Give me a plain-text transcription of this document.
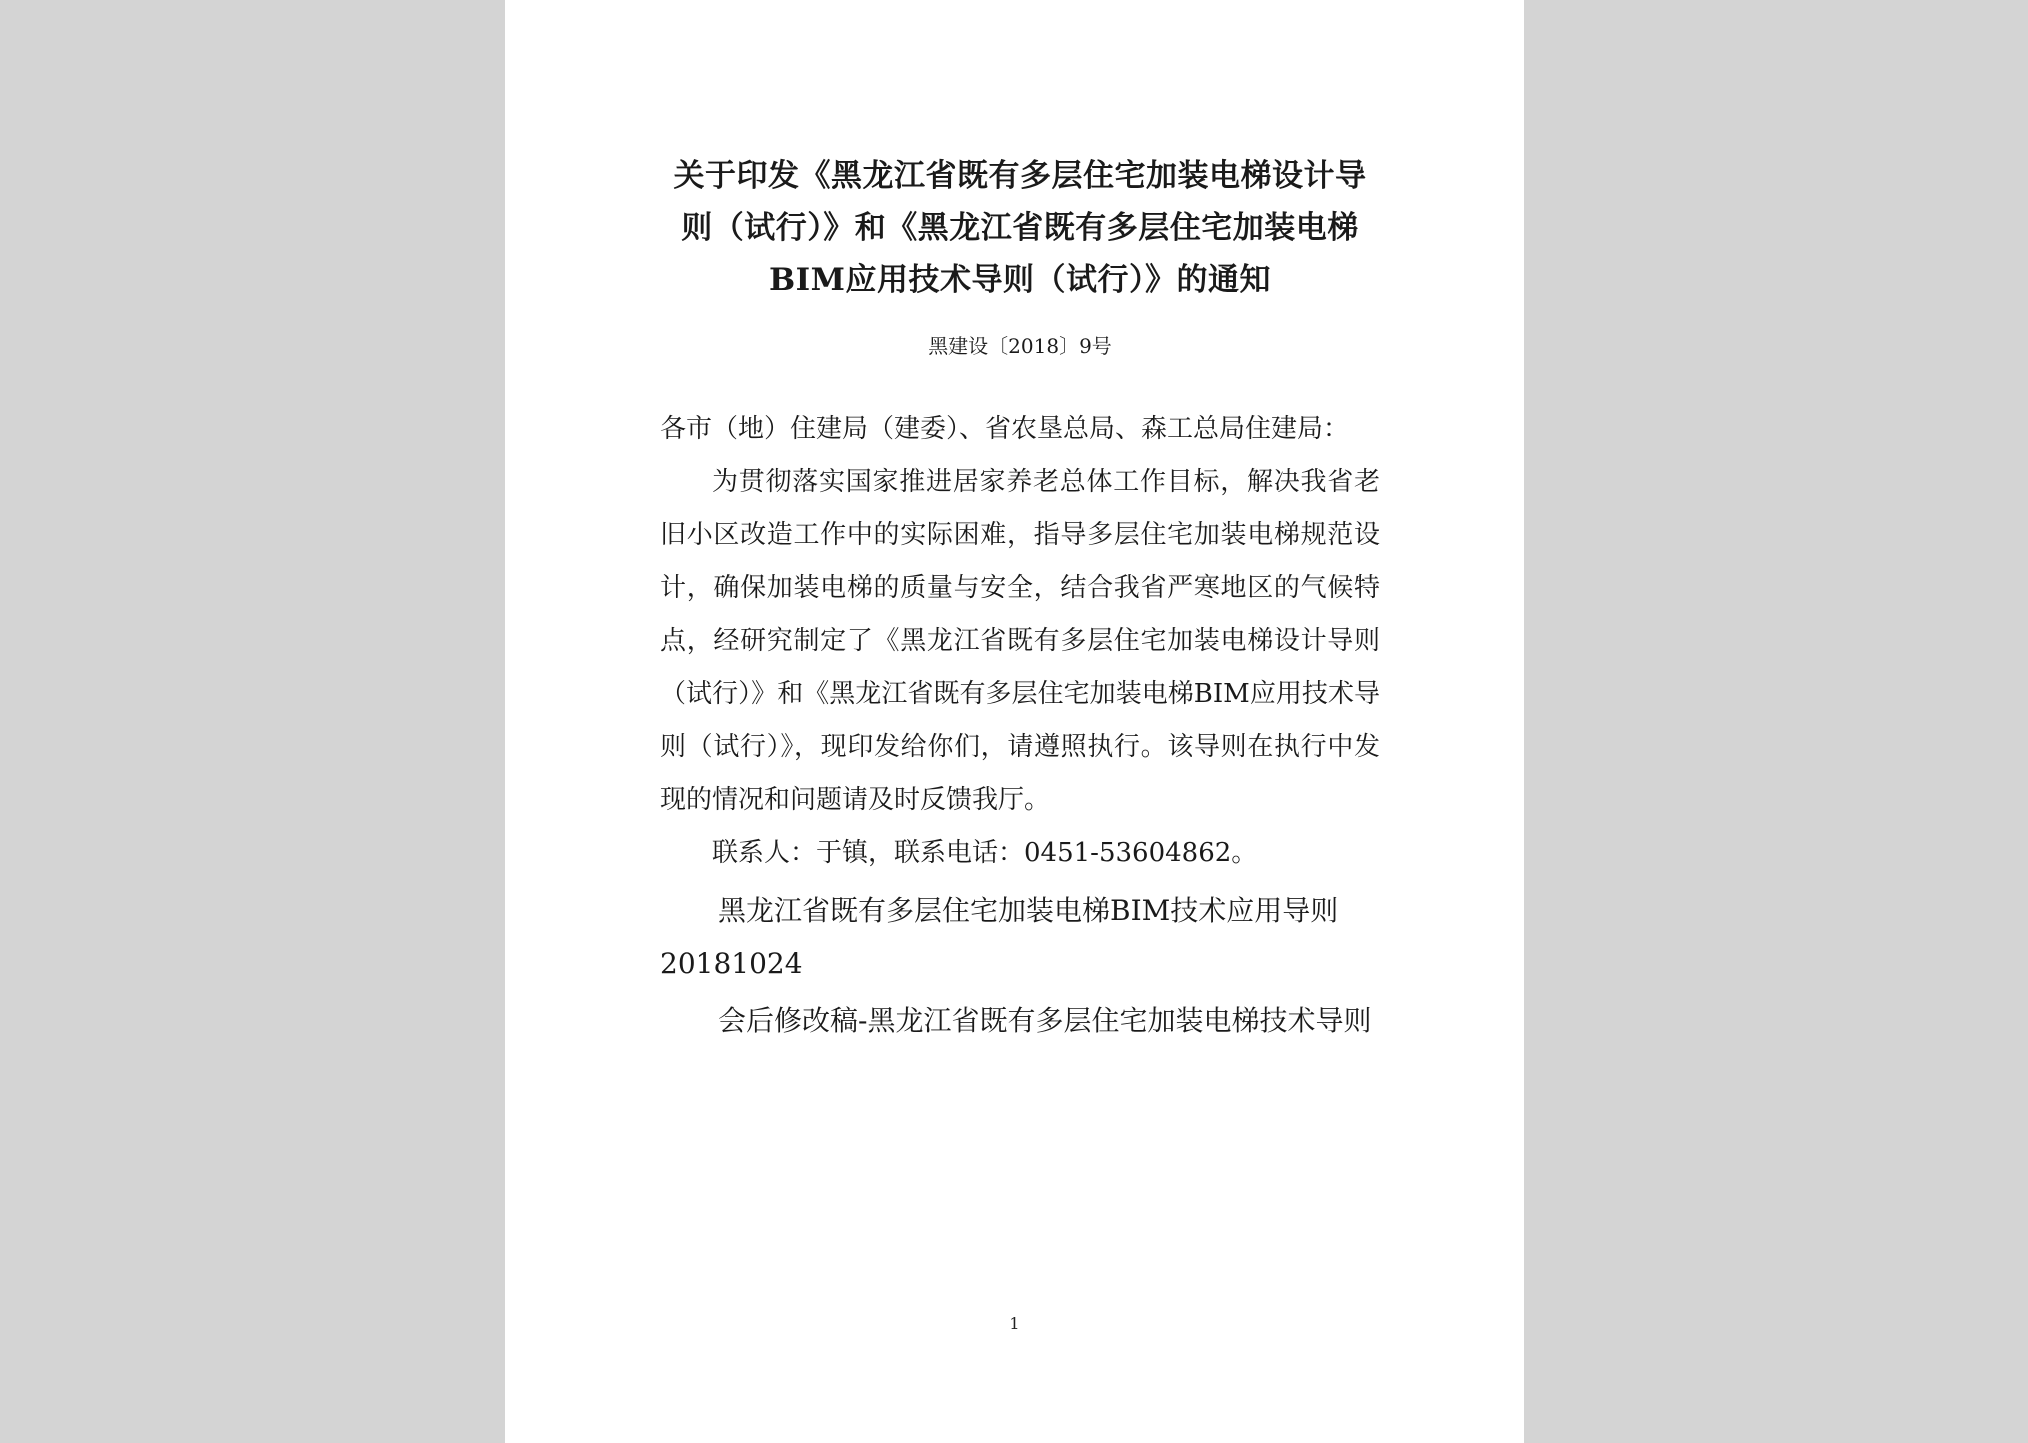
关于印发《黑龙江省既有多层住宅加装电梯设计导
则（试行）》和《黑龙江省既有多层住宅加装电梯
BIM应用技术导则（试行）》的通知
黑建设〔2018〕9号
各市（地）住建局（建委）、省农垦总局、森工总局住建局：

为贯彻落实国家推进居家养老总体工作目标，解决我省老旧小区改造工作中的实际困难，指导多层住宅加装电梯规范设计，确保加装电梯的质量与安全，结合我省严寒地区的气候特点，经研究制定了《黑龙江省既有多层住宅加装电梯设计导则（试行）》和《黑龙江省既有多层住宅加装电梯BIM应用技术导则（试行）》，现印发给你们，请遵照执行。该导则在执行中发现的情况和问题请及时反馈我厅。

联系人：于镇，联系电话：0451-53604862。

黑龙江省既有多层住宅加装电梯BIM技术应用导则20181024

会后修改稿-黑龙江省既有多层住宅加装电梯技术导则

1
